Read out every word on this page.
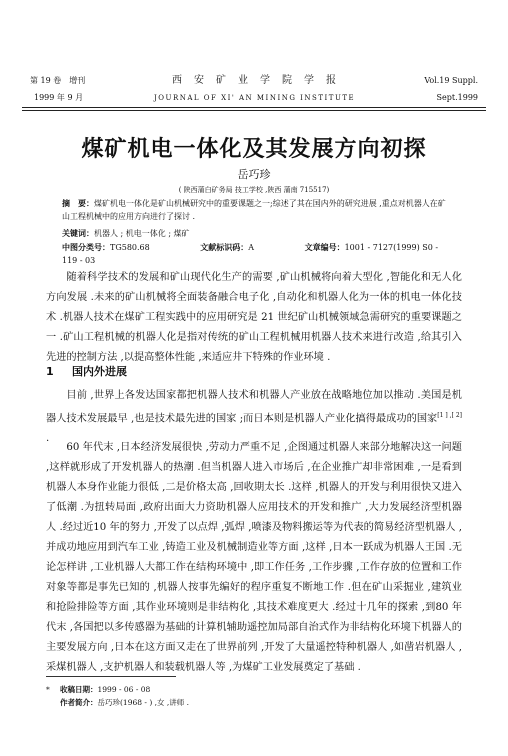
第 19 卷　增刊
1999 年 9 月
西安矿业学院学报
JOURNAL OF XI' AN MINING INSTITUTE
Vol.19 Suppl.
Sept.1999
煤矿机电一体化及其发展方向初探
岳巧珍
( 陕西蒲白矿务局 技工学校 ,陕西 蒲南 715517)
摘　要：煤矿机电一体化是矿山机械研究中的重要课题之一;综述了其在国内外的研究进展 ,重点对机器人在矿山工程机械中的应用方向进行了探讨 .
关键词：机器人 ; 机电一体化 ; 煤矿
中图分类号：TG580.68	文献标识码：A	文章编号：1001 - 7127(1999) S0 - 119 - 03

随着科学技术的发展和矿山现代化生产的需要 ,矿山机械将向着大型化 ,智能化和无人化方向发展 .未来的矿山机械将全面装备融合电子化 ,自动化和机器人化为一体的机电一体化技术 .机器人技术在煤矿工程实践中的应用研究是 21 世纪矿山机械领域急需研究的重要课题之一 .矿山工程机械的机器人化是指对传统的矿山工程机械用机器人技术来进行改造 ,给其引入先进的控制方法 ,以提高整体性能 ,来适应井下特殊的作业环境 .

1 国内外进展

目前 ,世界上各发达国家都把机器人技术和机器人产业放在战略地位加以推动 .美国是机器人技术发展最早 ,也是技术最先进的国家 ;而日本则是机器人产业化搞得最成功的国家[1 ] ,[ 2] .

60 年代末 ,日本经济发展很快 ,劳动力严重不足 ,企图通过机器人来部分地解决这一问题 ,这样就形成了开发机器人的热潮 .但当机器人进入市场后 ,在企业推广却非常困难 ,一是看到机器人本身作业能力很低 ,二是价格太高 ,回收期太长 .这样 ,机器人的开发与利用很快又进入了低潮 .为扭转局面 ,政府出面大力资助机器人应用技术的开发和推广 ,大力发展经济型机器人 .经过近10 年的努力 ,开发了以点焊 ,弧焊 ,喷漆及物料搬运等为代表的简易经济型机器人 ,并成功地应用到汽车工业 ,铸造工业及机械制造业等方面 ,这样 ,日本一跃成为机器人王国 .无论怎样讲 ,工业机器人大都工作在结构环境中 ,即工作任务 ,工作步骤 ,工作存放的位置和工作对象等都是事先已知的 ,机器人按事先编好的程序重复不断地工作 .但在矿山采掘业 ,建筑业和抢险排险等方面 ,其作业环境则是非结构化 ,其技术难度更大 .经过十几年的探索 ,到80 年代末 ,各国把以多传感器为基础的计算机辅助遥控加局部自治式作为非结构化环境下机器人的主要发展方向 ,日本在这方面又走在了世界前列 ,开发了大量遥控特种机器人 ,如凿岩机器人 ,采煤机器人 ,支护机器人和装载机器人等 ,为煤矿工业发展奠定了基础 .

* 收稿日期：1999 - 06 - 08
作者简介：岳巧珍(1968 - ) ,女 ,讲师 .
